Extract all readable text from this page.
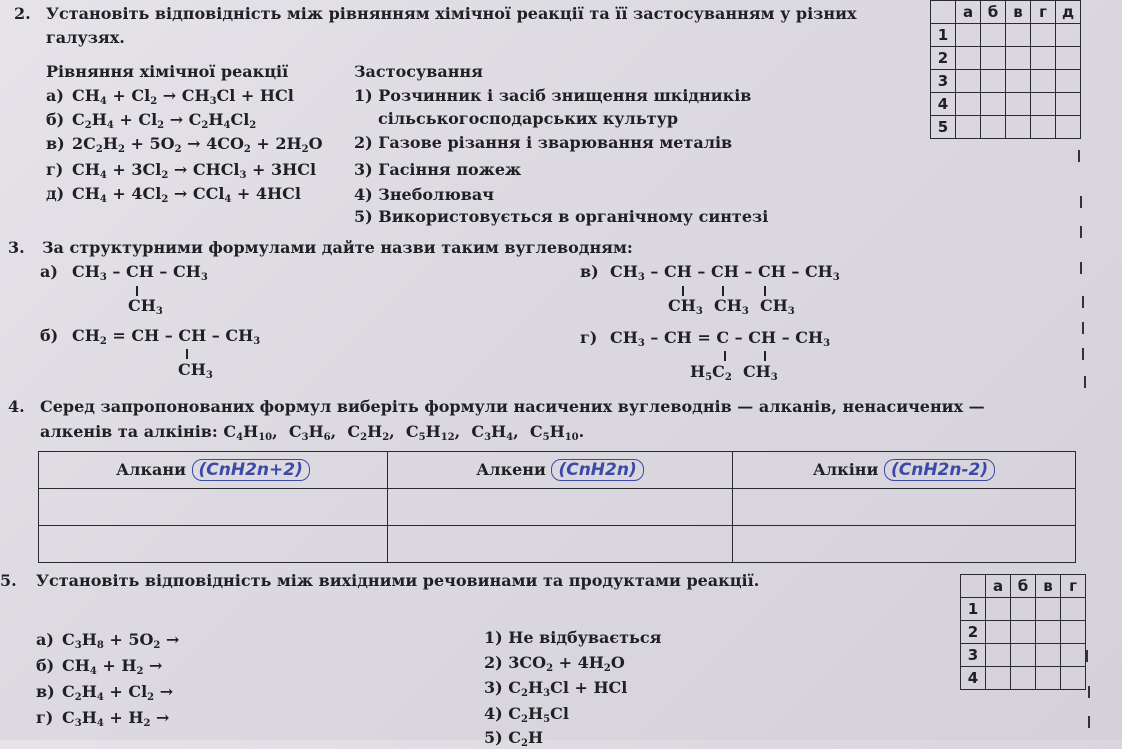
2. Установіть відповідність між рівнянням хімічної реакції та її застосуванням у різних
галузях.
Рівняння хімічної реакції	Застосування
а) $CH_4 + Cl_2 \to CH_3Cl$ + HCl
б) $C_2H_4 + Cl_2 \to C_2H_4Cl_2$
в) $2C_2H_2 + 5O_2 \to 4CO_2 + 2H_2O$
г) $CH_4 + 3Cl_2$ → CHCl$_3$ + 3HCl
д) $CH_4 + 4Cl_2 \to CCl_4 + 4HCl$
1) Розчинник і засіб знищення шкідників
сільськогосподарських культур
2) Газове різання і зварювання металів
3) Гасіння пожеж
4) Знеболювач
5) Використовується в органічному синтезі
	а	б	в	г	д
1					
2					
3					
4					
5					
3. За структурними формулами дайте назви таким вуглеводням:
а) $CH_3$ – CH – $CH_3$
$CH_3$
б) $CH_2$ = CH – CH – $CH_3$
$CH_3$
в) $CH_3$ – CH – CH – CH – $CH_3$
$CH_3$  $CH_3$  $CH_3$
г) $CH_3$ – CH = C – CH – $CH_3$
$H_5C_2$  $CH_3$
4. Серед запропонованих формул виберіть формули насичених вуглеводнів — алканів, ненасичених —
алкенів та алкінів: $C_4H_{10}$,  $C_3H_6$,  $C_2H_2$,  $C_5H_{12}$,  $C_3H_4$,  $C_5H_{10}$.
Алкани (CnH2n+2)	Алкени (CnH2n)	Алкіни (CnH2n-2)

5. Установіть відповідність між вихідними речовинами та продуктами реакції.
а) $C_3H_8 + 5O_2$ →
б) $CH_4 + H_2$ →
в) $C_2H_4 + Cl_2$ →
г) $C_3H_4 + H_2$ →
1) Не відбувається
2) $3CO_2 + 4H_2O$
3) $C_2H_3Cl$ + HCl
4) $C_2H_5Cl$
5) $C_2H$
	а	б	в	г
1				
2				
3				
4				
